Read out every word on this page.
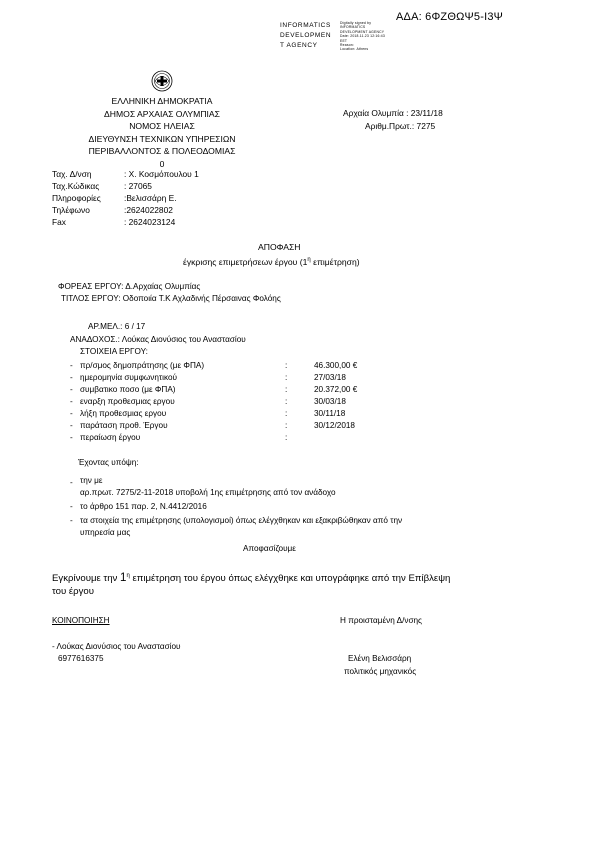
ΑΔΑ: 6ΦΖΘΩΨ5-Ι3Ψ
INFORMATICS
DEVELOPMEN
T AGENCY
Digitally signed by
INFORMATICS
DEVELOPMENT AGENCY
Date: 2018.11.23 12:16:43
EET
Reason:
Location: Athens
ΕΛΛΗΝΙΚΗ ΔΗΜΟΚΡΑΤΙΑ
ΔΗΜΟΣ ΑΡΧΑΙΑΣ ΟΛΥΜΠΙΑΣ
ΝΟΜΟΣ ΗΛΕΙΑΣ
ΔΙΕΥΘΥΝΣΗ ΤΕΧΝΙΚΩΝ ΥΠΗΡΕΣΙΩΝ
ΠΕΡΙΒΑΛΛΟΝΤΟΣ & ΠΟΛΕΟΔΟΜΙΑΣ
0
Αρχαία Ολυμπία : 23/11/18
Αριθμ.Πρωτ.: 7275
Ταχ. Δ/νση	: Χ. Κοσμόπουλου 1
Ταχ.Κώδικας	: 27065
Πληροφορίες	:Βελισσάρη Ε.
Τηλέφωνο	:2624022802
Fax	: 2624023124
ΑΠΟΦΑΣΗ
έγκρισης επιμετρήσεων έργου ($1^\eta$ επιμέτρηση)
ΦΟΡΕΑΣ ΕΡΓΟΥ: Δ.Αρχαίας Ολυμπίας
ΤΙΤΛΟΣ ΕΡΓΟΥ: Οδοποιία Τ.Κ Αχλαδινής Πέρσαινας Φολόης
ΑΡ.ΜΕΛ.: 6 / 17
ΑΝΑΔΟΧΟΣ.: Λούκας Διονύσιος του Αναστασίου
ΣΤΟΙΧΕΙΑ ΕΡΓΟΥ:
- πρ/σμος δημοπράτησης (με ΦΠΑ)	:	46.300,00 €
- ημερομηνία συμφωνητικού	:	27/03/18
- συμβατικο ποσο (με ΦΠΑ)	:	20.372,00 €
- εναρξη προθεσμιας εργου	:	30/03/18
- λήξη προθεσμιας εργου	:	30/11/18
- παράταση προθ. Έργου	:	30/12/2018
- περαίωση έργου	:
Έχοντας υπόψη:
- την με
αρ.πρωτ. 7275/2-11-2018 υποβολή 1ης επιμέτρησης από τον ανάδοχο
- το άρθρο 151 παρ. 2, Ν.4412/2016
- τα στοιχεία της επιμέτρησης (υπολογισμοί) όπως ελέγχθηκαν και εξακριβώθηκαν από την
υπηρεσία μας
Αποφασίζουμε
Εγκρίνουμε την $1^\eta$ επιμέτρηση του έργου όπως ελέγχθηκε και υπογράφηκε από την Επίβλεψη
του έργου
ΚΟΙΝΟΠΟΙΗΣΗ	Η προισταμένη Δ/νσης
- Λούκας Διονύσιος του Αναστασίου
6977616375	Ελένη Βελισσάρη
πολιτικός μηχανικός
